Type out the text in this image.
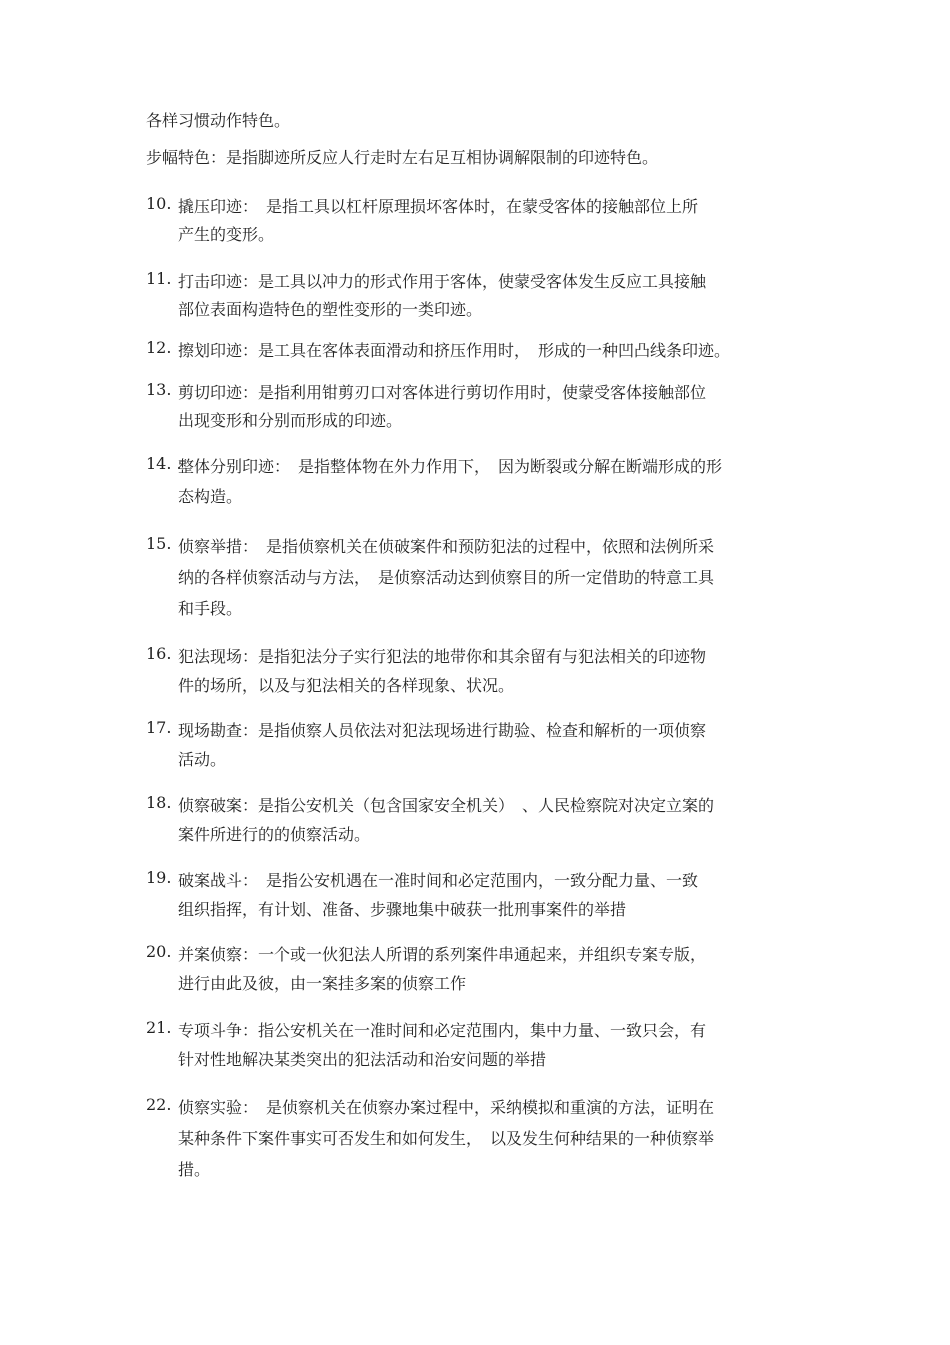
各样习惯动作特色。
步幅特色：是指脚迹所反应人行走时左右足互相协调解限制的印迹特色。
10. 撬压印迹：　是指工具以杠杆原理损坏客体时，在蒙受客体的接触部位上所
产生的变形。
11. 打击印迹：是工具以冲力的形式作用于客体，使蒙受客体发生反应工具接触
部位表面构造特色的塑性变形的一类印迹。
12. 擦划印迹：是工具在客体表面滑动和挤压作用时，　形成的一种凹凸线条印迹。
13. 剪切印迹：是指利用钳剪刃口对客体进行剪切作用时，使蒙受客体接触部位
出现变形和分别而形成的印迹。
14. .
整体分别印迹：　是指整体物在外力作用下，　因为断裂或分解在断端形成的形
态构造。
15. 侦察举措：　是指侦察机关在侦破案件和预防犯法的过程中，依照和法例所采
纳的各样侦察活动与方法，　是侦察活动达到侦察目的所一定借助的特意工具
和手段。
16. 犯法现场：是指犯法分子实行犯法的地带你和其余留有与犯法相关的印迹物
件的场所，以及与犯法相关的各样现象、状况。
17. 现场勘查：是指侦察人员依法对犯法现场进行勘验、检查和解析的一项侦察
活动。
18. 侦察破案：是指公安机关（包含国家安全机关）　、人民检察院对决定立案的
案件所进行的的侦察活动。
19. 破案战斗：　是指公安机遇在一准时间和必定范围内，一致分配力量、一致
组织指挥，有计划、准备、步骤地集中破获一批刑事案件的举措
20. 并案侦察：一个或一伙犯法人所谓的系列案件串通起来，并组织专案专版，
进行由此及彼，由一案挂多案的侦察工作
21. 专项斗争：指公安机关在一准时间和必定范围内，集中力量、一致只会，有
针对性地解决某类突出的犯法活动和治安问题的举措
22. 侦察实验：　是侦察机关在侦察办案过程中，采纳模拟和重演的方法，证明在
某种条件下案件事实可否发生和如何发生，　以及发生何种结果的一种侦察举
措。
